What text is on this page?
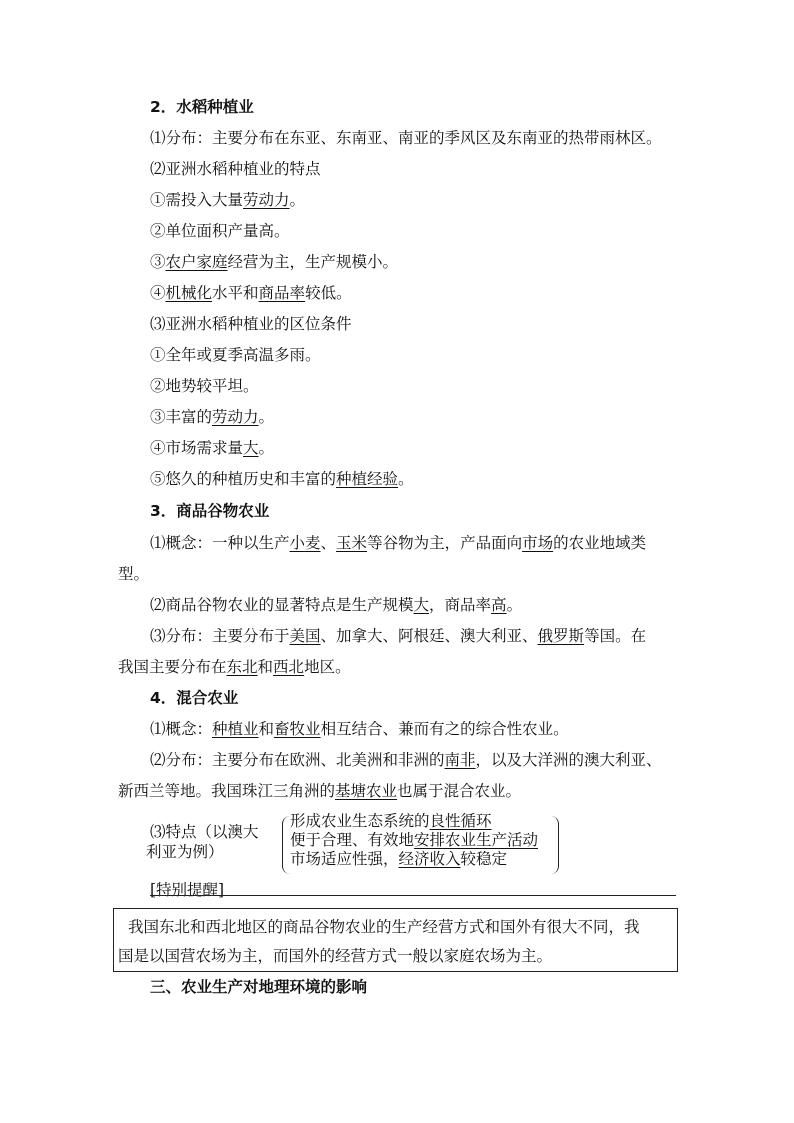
2．水稻种植业
⑴分布：主要分布在东亚、东南亚、南亚的季风区及东南亚的热带雨林区。
⑵亚洲水稻种植业的特点
①需投入大量劳动力。
②单位面积产量高。
③农户家庭经营为主，生产规模小。
④机械化水平和商品率较低。
⑶亚洲水稻种植业的区位条件
①全年或夏季高温多雨。
②地势较平坦。
③丰富的劳动力。
④市场需求量大。
⑤悠久的种植历史和丰富的种植经验。
3．商品谷物农业
⑴概念：一种以生产小麦、玉米等谷物为主，产品面向市场的农业地域类
型。
⑵商品谷物农业的显著特点是生产规模大，商品率高。
⑶分布：主要分布于美国、加拿大、阿根廷、澳大利亚、俄罗斯等国。在
我国主要分布在东北和西北地区。
4．混合农业
⑴概念：种植业和畜牧业相互结合、兼而有之的综合性农业。
⑵分布：主要分布在欧洲、北美洲和非洲的南非，以及大洋洲的澳大利亚、
新西兰等地。我国珠江三角洲的基塘农业也属于混合农业。
⑶特点（以澳大
利亚为例）
形成农业生态系统的良性循环
便于合理、有效地安排农业生产活动
市场适应性强，经济收入较稳定
[特别提醒]
我国东北和西北地区的商品谷物农业的生产经营方式和国外有很大不同，我
国是以国营农场为主，而国外的经营方式一般以家庭农场为主。
三、农业生产对地理环境的影响
